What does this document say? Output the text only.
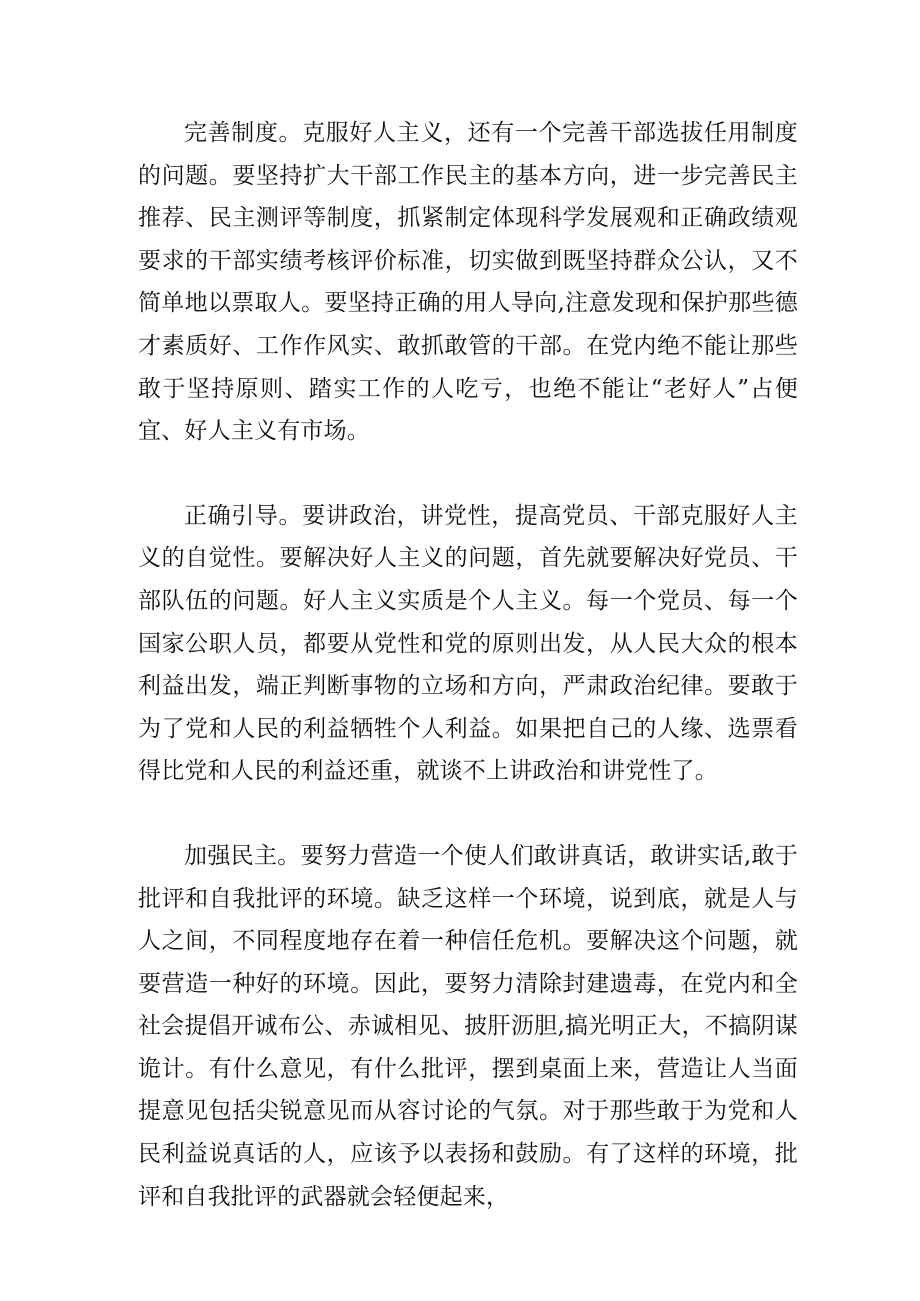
完善制度。克服好人主义，还有一个完善干部选拔任用制度的问题。要坚持扩大干部工作民主的基本方向，进一步完善民主推荐、民主测评等制度，抓紧制定体现科学发展观和正确政绩观要求的干部实绩考核评价标准，切实做到既坚持群众公认，又不简单地以票取人。要坚持正确的用人导向,注意发现和保护那些德才素质好、工作作风实、敢抓敢管的干部。在党内绝不能让那些敢于坚持原则、踏实工作的人吃亏，也绝不能让“老好人”占便宜、好人主义有市场。

正确引导。要讲政治，讲党性，提高党员、干部克服好人主义的自觉性。要解决好人主义的问题，首先就要解决好党员、干部队伍的问题。好人主义实质是个人主义。每一个党员、每一个国家公职人员，都要从党性和党的原则出发，从人民大众的根本利益出发，端正判断事物的立场和方向，严肃政治纪律。要敢于为了党和人民的利益牺牲个人利益。如果把自己的人缘、选票看得比党和人民的利益还重，就谈不上讲政治和讲党性了。

加强民主。要努力营造一个使人们敢讲真话，敢讲实话,敢于批评和自我批评的环境。缺乏这样一个环境，说到底，就是人与人之间，不同程度地存在着一种信任危机。要解决这个问题，就要营造一种好的环境。因此，要努力清除封建遗毒，在党内和全社会提倡开诚布公、赤诚相见、披肝沥胆,搞光明正大，不搞阴谋诡计。有什么意见，有什么批评，摆到桌面上来，营造让人当面提意见包括尖锐意见而从容讨论的气氛。对于那些敢于为党和人民利益说真话的人，应该予以表扬和鼓励。有了这样的环境，批评和自我批评的武器就会轻便起来，
